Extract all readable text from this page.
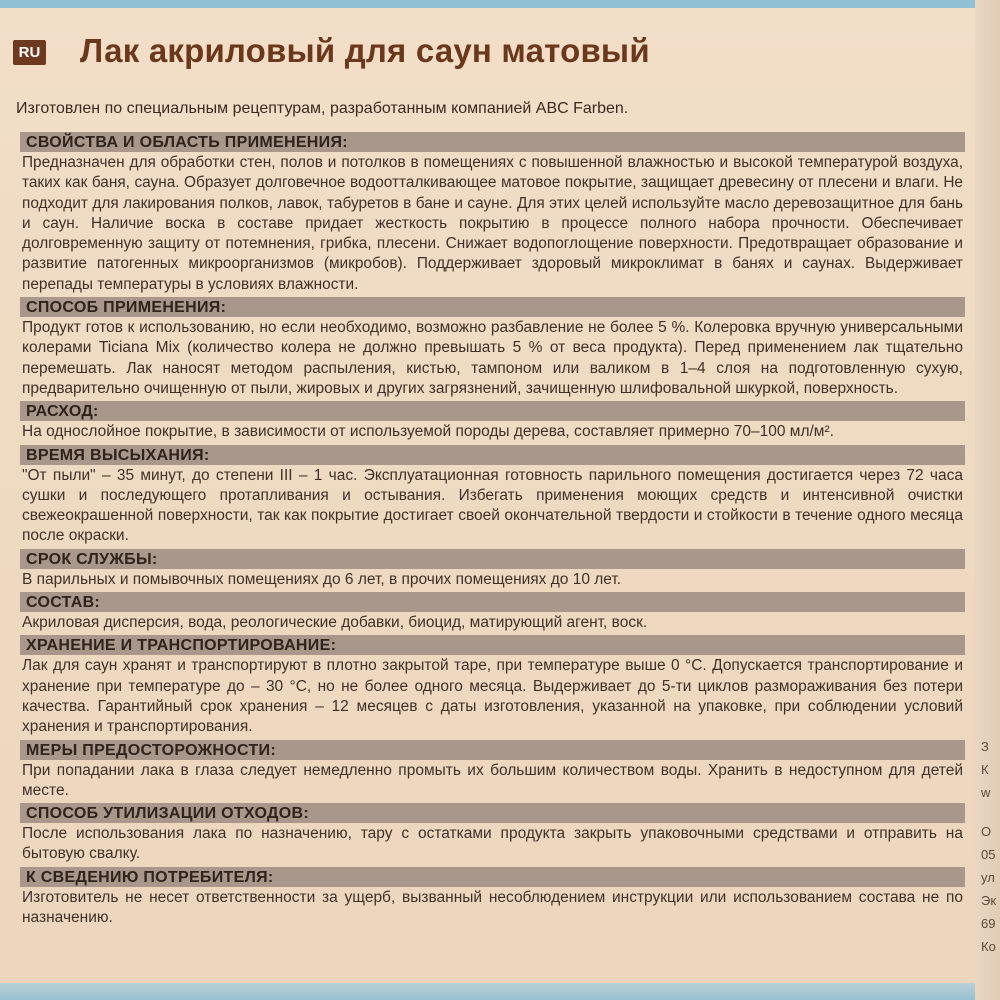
RU Лак акриловый для саун матовый
Изготовлен по специальным рецептурам, разработанным компанией ABC Farben.
СВОЙСТВА И ОБЛАСТЬ ПРИМЕНЕНИЯ:
Предназначен для обработки стен, полов и потолков в помещениях с повышенной влажностью и высокой температурой воздуха, таких как баня, сауна. Образует долговечное водоотталкивающее матовое покрытие, защищает древесину от плесени и влаги. Не подходит для лакирования полков, лавок, табуретов в бане и сауне. Для этих целей используйте масло деревозащитное для бань и саун. Наличие воска в составе придает жесткость покрытию в процессе полного набора прочности. Обеспечивает долговременную защиту от потемнения, грибка, плесени. Снижает водопоглощение поверхности. Предотвращает образование и развитие патогенных микроорганизмов (микробов). Поддерживает здоровый микроклимат в банях и саунах. Выдерживает перепады температуры в условиях влажности.
СПОСОБ ПРИМЕНЕНИЯ:
Продукт готов к использованию, но если необходимо, возможно разбавление не более 5 %. Колеровка вручную универсальными колерами Ticiana Mix (количество колера не должно превышать 5 % от веса продукта). Перед применением лак тщательно перемешать. Лак наносят методом распыления, кистью, тампоном или валиком в 1–4 слоя на подготовленную сухую, предварительно очищенную от пыли, жировых и других загрязнений, зачищенную шлифовальной шкуркой, поверхность.
РАСХОД:
На однослойное покрытие, в зависимости от используемой породы дерева, составляет примерно 70–100 мл/м².
ВРЕМЯ ВЫСЫХАНИЯ:
"От пыли" – 35 минут, до степени III – 1 час. Эксплуатационная готовность парильного помещения достигается через 72 часа сушки и последующего протапливания и остывания. Избегать применения моющих средств и интенсивной очистки свежеокрашенной поверхности, так как покрытие достигает своей окончательной твердости и стойкости в течение одного месяца после окраски.
СРОК СЛУЖБЫ:
В парильных и помывочных помещениях до 6 лет, в прочих помещениях до 10 лет.
СОСТАВ:
Акриловая дисперсия, вода, реологические добавки, биоцид, матирующий агент, воск.
ХРАНЕНИЕ И ТРАНСПОРТИРОВАНИЕ:
Лак для саун хранят и транспортируют в плотно закрытой таре, при температуре выше 0 °С. Допускается транспортирование и хранение при температуре до – 30 °С, но не более одного месяца. Выдерживает до 5-ти циклов размораживания без потери качества. Гарантийный срок хранения – 12 месяцев с даты изготовления, указанной на упаковке, при соблюдении условий хранения и транспортирования.
МЕРЫ ПРЕДОСТОРОЖНОСТИ:
При попадании лака в глаза следует немедленно промыть их большим количеством воды. Хранить в недоступном для детей месте.
СПОСОБ УТИЛИЗАЦИИ ОТХОДОВ:
После использования лака по назначению, тару с остатками продукта закрыть упаковочными средствами и отправить на бытовую свалку.
К СВЕДЕНИЮ ПОТРЕБИТЕЛЯ:
Изготовитель не несет ответственности за ущерб, вызванный несоблюдением инструкции или использованием состава не по назначению.
З
К
w
О
05
ул
Эк
69
Ко
